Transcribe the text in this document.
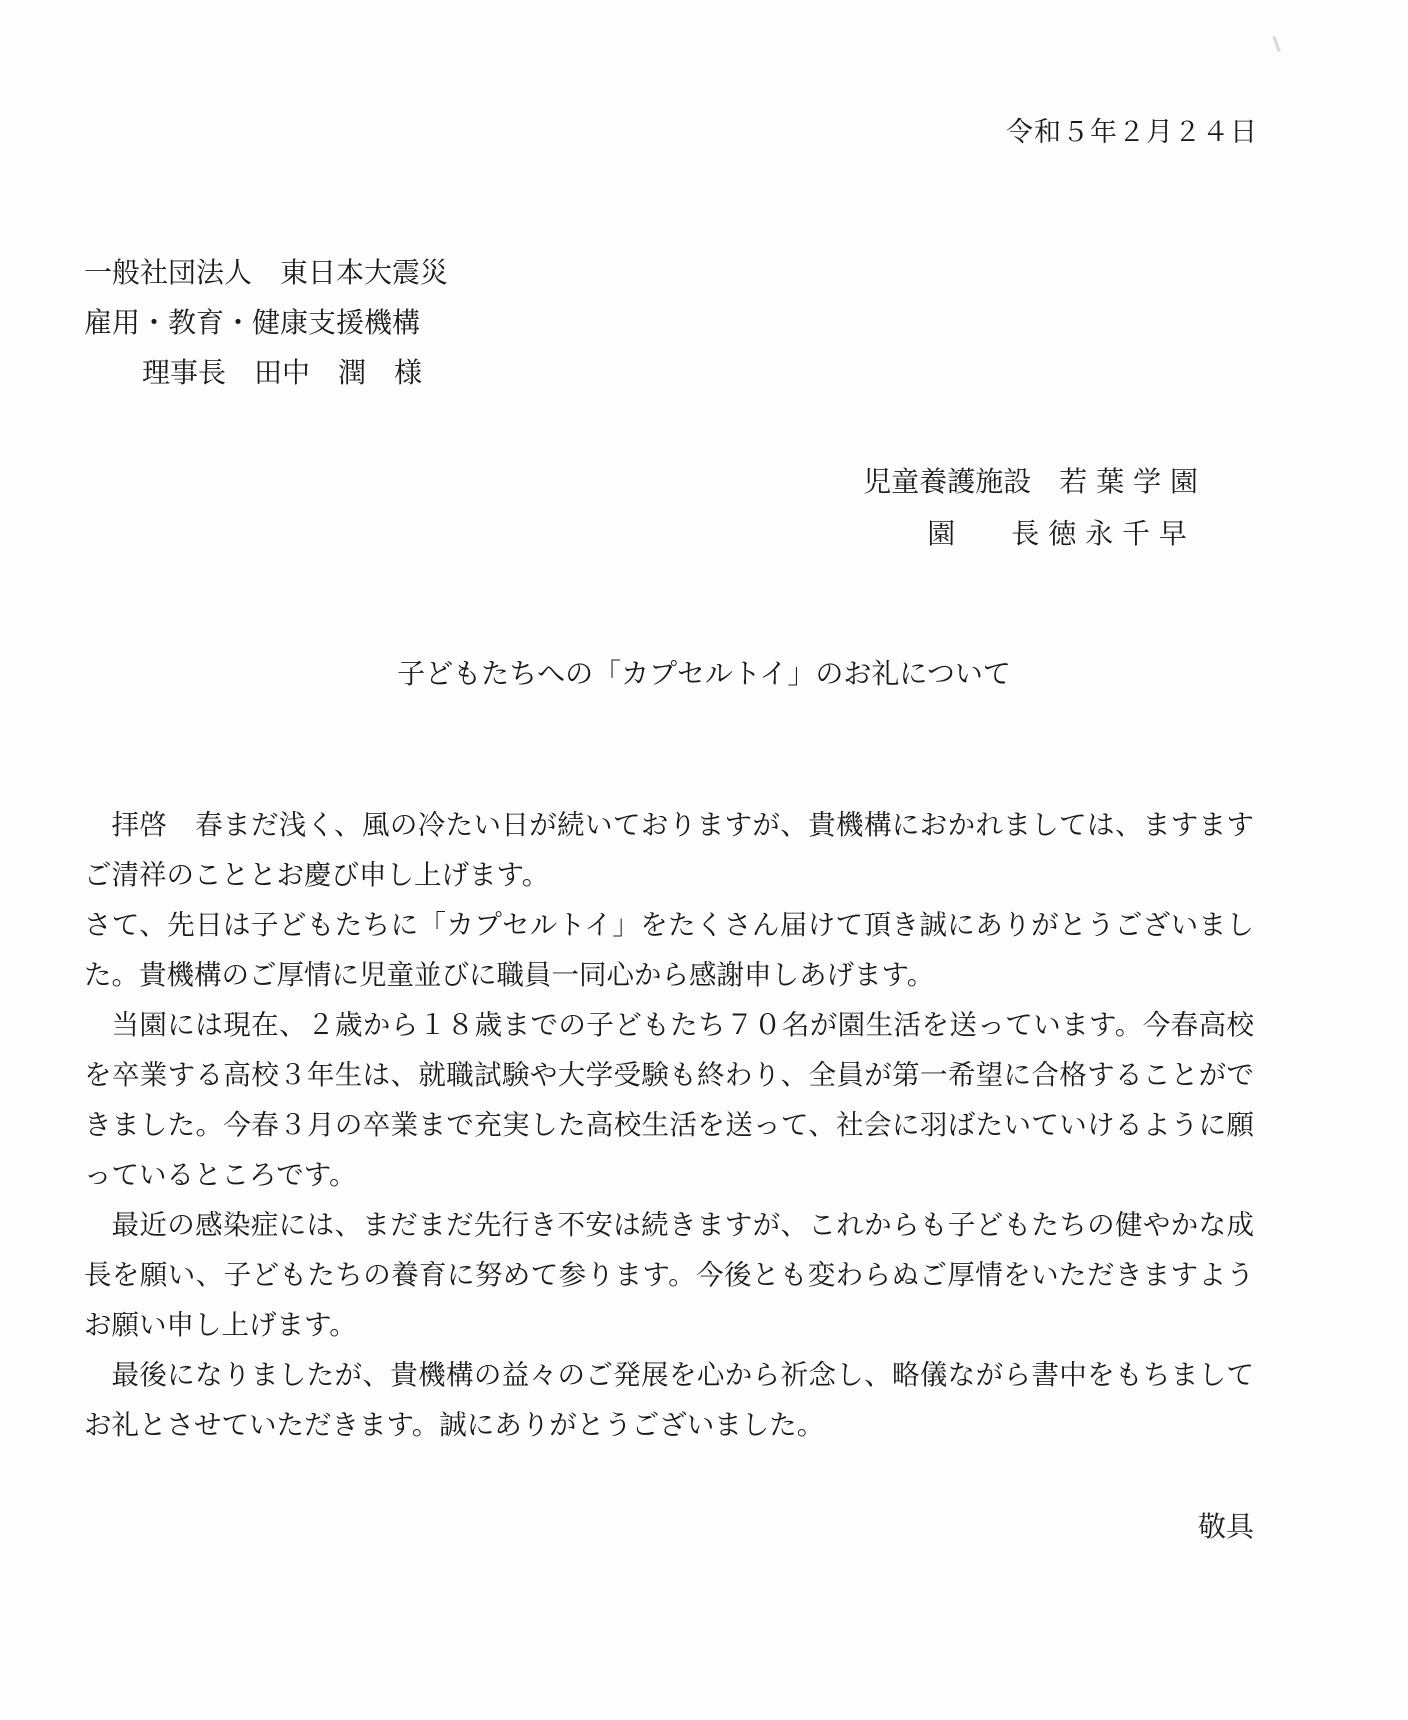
令和５年２月２４日
一般社団法人　東日本大震災
雇用・教育・健康支援機構
理事長　田中　潤　様
児童養護施設　若 葉 学 園
園　　長 徳 永 千 早
子どもたちへの「カプセルトイ」のお礼について

拝啓　春まだ浅く、風の冷たい日が続いておりますが、貴機構におかれましては、ますますご清祥のこととお慶び申し上げます。

さて、先日は子どもたちに「カプセルトイ」をたくさん届けて頂き誠にありがとうございました。貴機構のご厚情に児童並びに職員一同心から感謝申しあげます。

当園には現在、２歳から１８歳までの子どもたち７０名が園生活を送っています。今春高校を卒業する高校３年生は、就職試験や大学受験も終わり、全員が第一希望に合格することができました。今春３月の卒業まで充実した高校生活を送って、社会に羽ばたいていけるように願っているところです。

最近の感染症には、まだまだ先行き不安は続きますが、これからも子どもたちの健やかな成長を願い、子どもたちの養育に努めて参ります。今後とも変わらぬご厚情をいただきますようお願い申し上げます。

最後になりましたが、貴機構の益々のご発展を心から祈念し、略儀ながら書中をもちましてお礼とさせていただきます。誠にありがとうございました。

敬具
